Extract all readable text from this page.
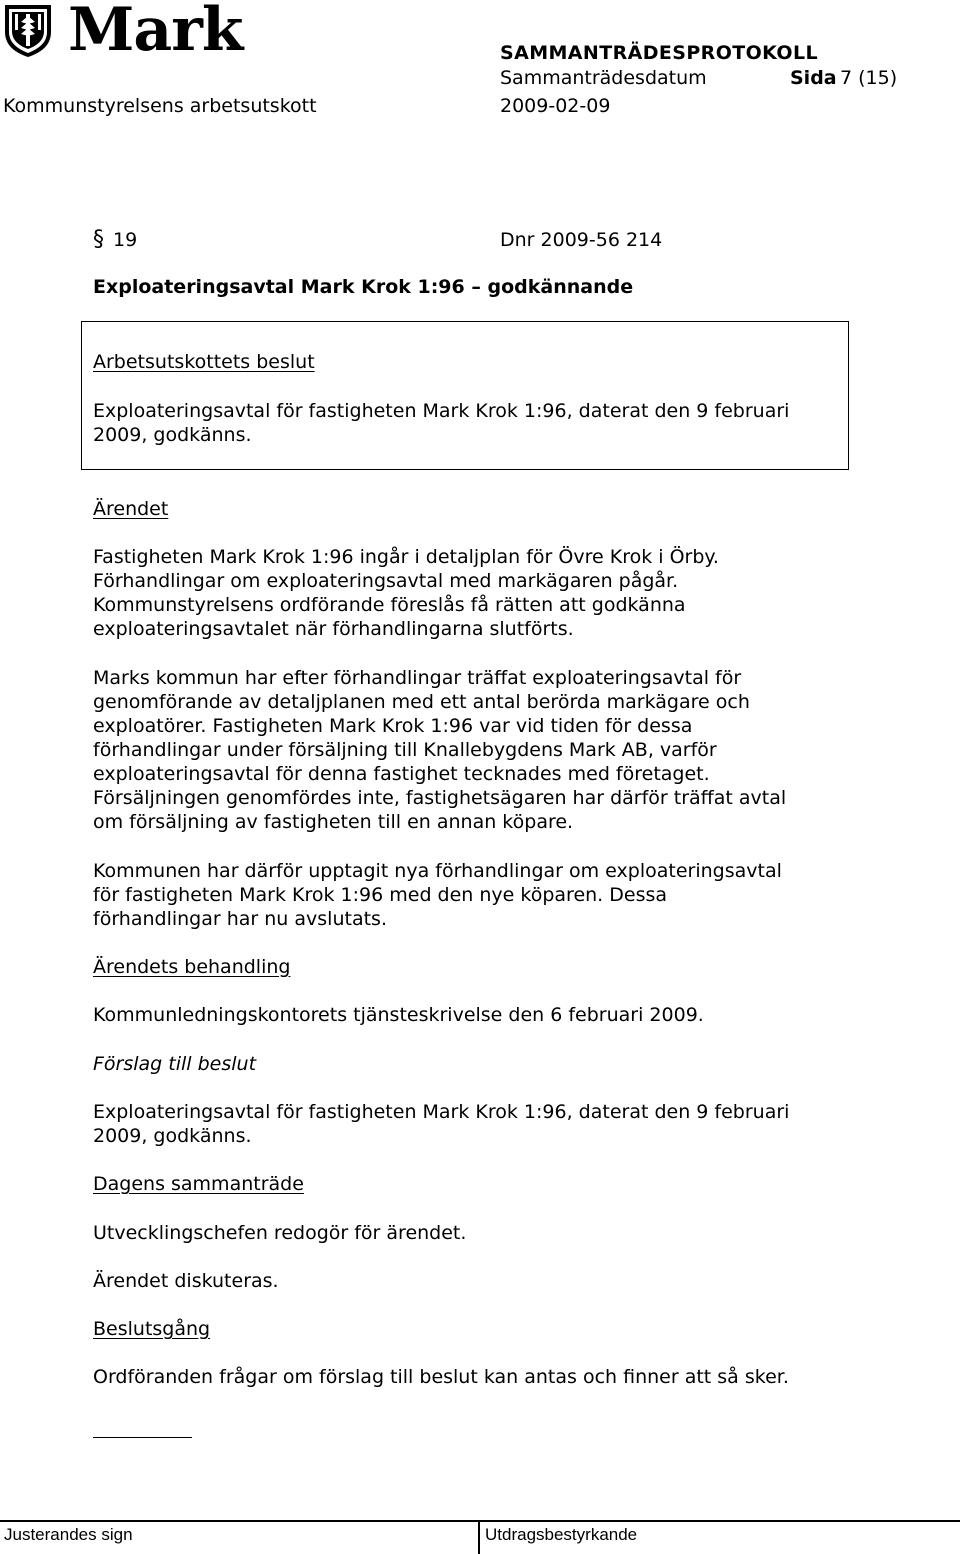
Mark	SAMMANTRÄDESPROTOKOLL
Sammanträdesdatum	Sida 7 (15)
Kommunstyrelsens arbetsutskott	2009-02-09
§ 19	Dnr 2009-56 214
Exploateringsavtal Mark Krok 1:96 – godkännande
Arbetsutskottets beslut
Exploateringsavtal för fastigheten Mark Krok 1:96, daterat den 9 februari
2009, godkänns.
Ärendet
Fastigheten Mark Krok 1:96 ingår i detaljplan för Övre Krok i Örby.
Förhandlingar om exploateringsavtal med markägaren pågår.
Kommunstyrelsens ordförande föreslås få rätten att godkänna
exploateringsavtalet när förhandlingarna slutförts.
Marks kommun har efter förhandlingar träffat exploateringsavtal för
genomförande av detaljplanen med ett antal berörda markägare och
exploatörer. Fastigheten Mark Krok 1:96 var vid tiden för dessa
förhandlingar under försäljning till Knallebygdens Mark AB, varför
exploateringsavtal för denna fastighet tecknades med företaget.
Försäljningen genomfördes inte, fastighetsägaren har därför träffat avtal
om försäljning av fastigheten till en annan köpare.
Kommunen har därför upptagit nya förhandlingar om exploateringsavtal
för fastigheten Mark Krok 1:96 med den nye köparen. Dessa
förhandlingar har nu avslutats.
Ärendets behandling
Kommunledningskontorets tjänsteskrivelse den 6 februari 2009.
Förslag till beslut
Exploateringsavtal för fastigheten Mark Krok 1:96, daterat den 9 februari
2009, godkänns.
Dagens sammanträde
Utvecklingschefen redogör för ärendet.
Ärendet diskuteras.
Beslutsgång
Ordföranden frågar om förslag till beslut kan antas och finner att så sker.
Justerandes sign	Utdragsbestyrkande
